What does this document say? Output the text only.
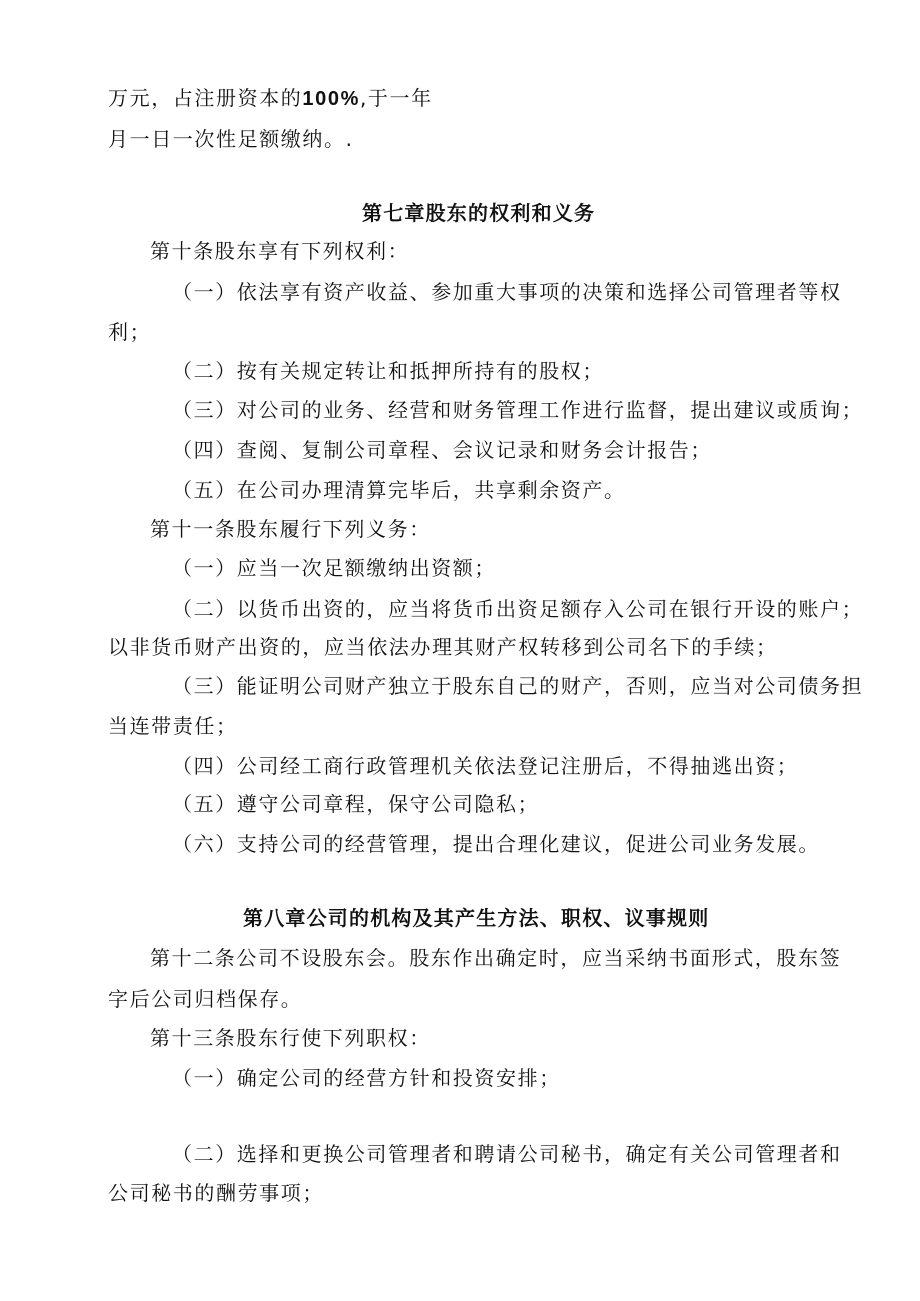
万元，占注册资本的100%,于一年

月一日一次性足额缴纳。.

第七章股东的权利和义务

第十条股东享有下列权利：

（一）依法享有资产收益、参加重大事项的决策和选择公司管理者等权

利；

（二）按有关规定转让和抵押所持有的股权；

（三）对公司的业务、经营和财务管理工作进行监督，提出建议或质询；

（四）查阅、复制公司章程、会议记录和财务会计报告；

（五）在公司办理清算完毕后，共享剩余资产。

第十一条股东履行下列义务：

（一）应当一次足额缴纳出资额；

（二）以货币出资的，应当将货币出资足额存入公司在银行开设的账户；

以非货币财产出资的，应当依法办理其财产权转移到公司名下的手续；

（三）能证明公司财产独立于股东自己的财产，否则，应当对公司债务担

当连带责任；

（四）公司经工商行政管理机关依法登记注册后，不得抽逃出资；

（五）遵守公司章程，保守公司隐私；

（六）支持公司的经营管理，提出合理化建议，促进公司业务发展。

第八章公司的机构及其产生方法、职权、议事规则

第十二条公司不设股东会。股东作出确定时，应当采纳书面形式，股东签

字后公司归档保存。

第十三条股东行使下列职权：

（一）确定公司的经营方针和投资安排；

（二）选择和更换公司管理者和聘请公司秘书，确定有关公司管理者和

公司秘书的酬劳事项；
